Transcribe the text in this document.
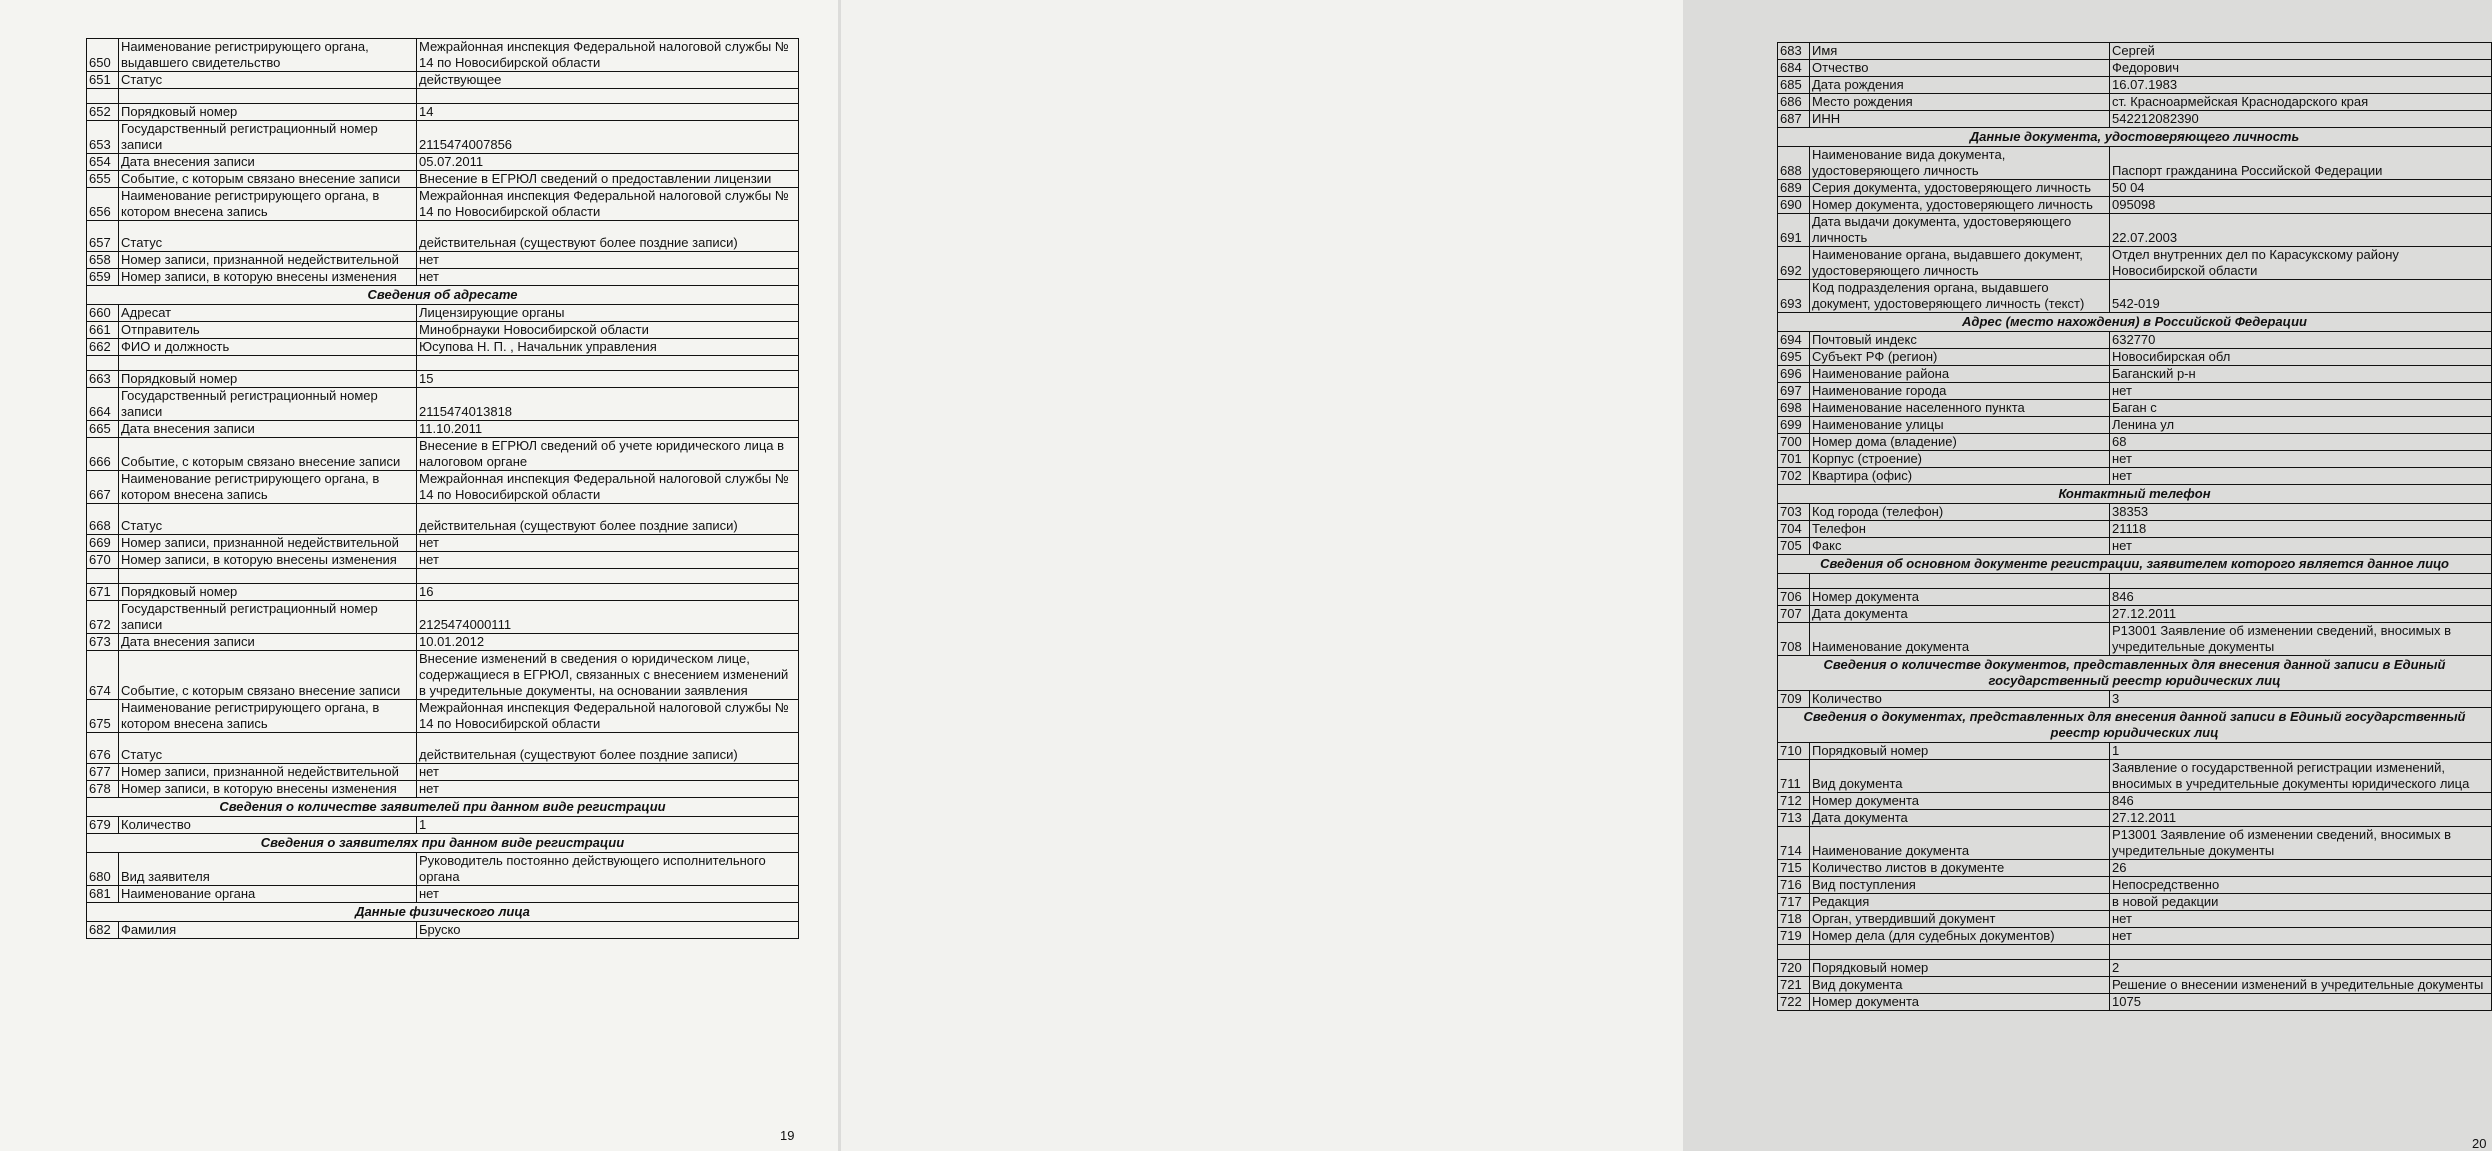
650	Наименование регистрирующего органа, выдавшего свидетельство	Межрайонная инспекция Федеральной налоговой службы № 14 по Новосибирской области
651	Статус	действующее

652	Порядковый номер	14
653	Государственный регистрационный номер записи	2115474007856
654	Дата внесения записи	05.07.2011
655	Событие, с которым связано внесение записи	Внесение в ЕГРЮЛ сведений о предоставлении лицензии
656	Наименование регистрирующего органа, в котором внесена запись	Межрайонная инспекция Федеральной налоговой службы № 14 по Новосибирской области
657	Статус	действительная (существуют более поздние записи)
658	Номер записи, признанной недействительной	нет
659	Номер записи, в которую внесены изменения	нет
Сведения об адресате		
660	Адресат	Лицензирующие органы
661	Отправитель	Минобрнауки Новосибирской области
662	ФИО и должность	Юсупова Н. П. , Начальник управления

663	Порядковый номер	15
664	Государственный регистрационный номер записи	2115474013818
665	Дата внесения записи	11.10.2011
666	Событие, с которым связано внесение записи	Внесение в ЕГРЮЛ сведений об учете юридического лица в налоговом органе
667	Наименование регистрирующего органа, в котором внесена запись	Межрайонная инспекция Федеральной налоговой службы № 14 по Новосибирской области
668	Статус	действительная (существуют более поздние записи)
669	Номер записи, признанной недействительной	нет
670	Номер записи, в которую внесены изменения	нет

671	Порядковый номер	16
672	Государственный регистрационный номер записи	2125474000111
673	Дата внесения записи	10.01.2012
674	Событие, с которым связано внесение записи	Внесение изменений в сведения о юридическом лице, содержащиеся в ЕГРЮЛ, связанных с внесением изменений в учредительные документы, на основании заявления
675	Наименование регистрирующего органа, в котором внесена запись	Межрайонная инспекция Федеральной налоговой службы № 14 по Новосибирской области
676	Статус	действительная (существуют более поздние записи)
677	Номер записи, признанной недействительной	нет
678	Номер записи, в которую внесены изменения	нет
Сведения о количестве заявителей при данном виде регистрации		
679	Количество	1
Сведения о заявителях при данном виде регистрации		
680	Вид заявителя	Руководитель постоянно действующего исполнительного органа
681	Наименование органа	нет
Данные физического лица		
682	Фамилия	Бруско
19
683	Имя	Сергей
684	Отчество	Федорович
685	Дата рождения	16.07.1983
686	Место рождения	ст. Красноармейская Краснодарского края
687	ИНН	542212082390
Данные документа, удостоверяющего личность		
688	Наименование вида документа, удостоверяющего личность	Паспорт гражданина Российской Федерации
689	Серия документа, удостоверяющего личность	50 04
690	Номер документа, удостоверяющего личность	095098
691	Дата выдачи документа, удостоверяющего личность	22.07.2003
692	Наименование органа, выдавшего документ, удостоверяющего личность	Отдел внутренних дел по Карасукскому району Новосибирской области
693	Код подразделения органа, выдавшего документ, удостоверяющего личность (текст)	542-019
Адрес (место нахождения) в Российской Федерации		
694	Почтовый индекс	632770
695	Субъект РФ (регион)	Новосибирская обл
696	Наименование района	Баганский р-н
697	Наименование города	нет
698	Наименование населенного пункта	Баган с
699	Наименование улицы	Ленина ул
700	Номер дома (владение)	68
701	Корпус (строение)	нет
702	Квартира (офис)	нет
Контактный телефон		
703	Код города (телефон)	38353
704	Телефон	21118
705	Факс	нет
Сведения об основном документе регистрации, заявителем которого является данное лицо		

706	Номер документа	846
707	Дата документа	27.12.2011
708	Наименование документа	Р13001 Заявление об изменении сведений, вносимых в учредительные документы
Сведения о количестве документов, представленных для внесения данной записи в Единый государственный реестр юридических лиц		
709	Количество	3
Сведения о документах, представленных для внесения данной записи в Единый государственный реестр юридических лиц		
710	Порядковый номер	1
711	Вид документа	Заявление о государственной регистрации изменений, вносимых в учредительные документы юридического лица
712	Номер документа	846
713	Дата документа	27.12.2011
714	Наименование документа	Р13001 Заявление об изменении сведений, вносимых в учредительные документы
715	Количество листов в документе	26
716	Вид поступления	Непосредственно
717	Редакция	в новой редакции
718	Орган, утвердивший документ	нет
719	Номер дела (для судебных документов)	нет

720	Порядковый номер	2
721	Вид документа	Решение о внесении изменений в учредительные документы
722	Номер документа	1075
20
